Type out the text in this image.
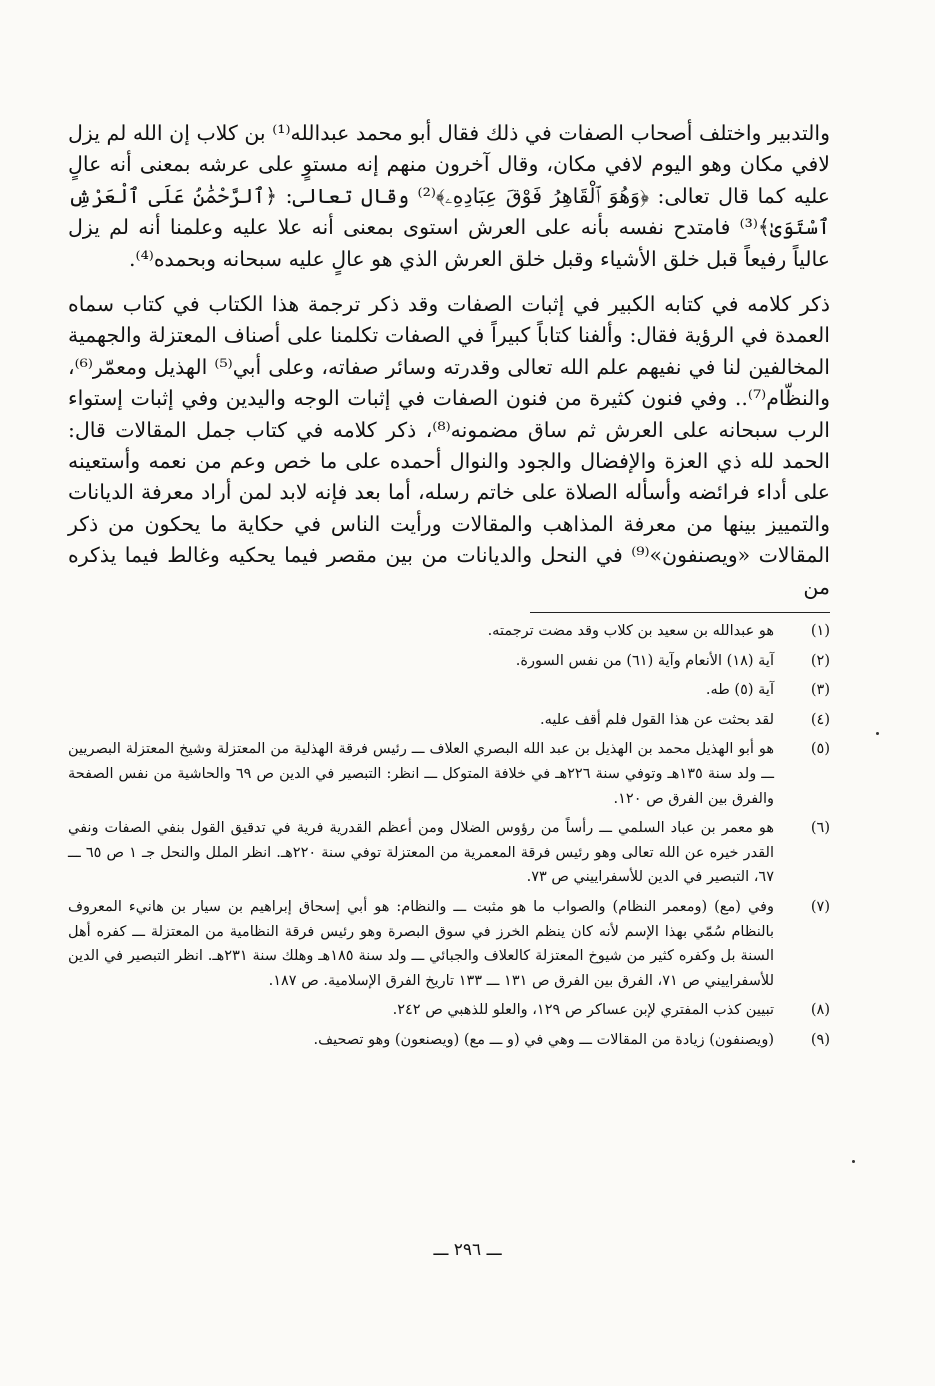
والتدبير واختلف أصحاب الصفات في ذلك فقال أبو محمد عبدالله⁽¹⁾ بن كلاب إن الله لم يزل لافي مكان وهو اليوم لافي مكان، وقال آخرون منهم إنه مستوٍ على عرشه بمعنى أنه عالٍ عليه كما قال تعالى: ﴿وَهُوَ ٱلْقَاهِرُ فَوْقَ عِبَادِهِۦ﴾⁽²⁾ وقال تعالى: ﴿ٱلرَّحْمَٰنُ عَلَى ٱلْعَرْشِ ٱسْتَوَىٰ﴾⁽³⁾ فامتدح نفسه بأنه على العرش استوى بمعنى أنه علا عليه وعلمنا أنه لم يزل عالياً رفيعاً قبل خلق الأشياء وقبل خلق العرش الذي هو عالٍ عليه سبحانه وبحمده⁽⁴⁾.

ذكر كلامه في كتابه الكبير في إثبات الصفات وقد ذكر ترجمة هذا الكتاب في كتاب سماه العمدة في الرؤية فقال: وألفنا كتاباً كبيراً في الصفات تكلمنا على أصناف المعتزلة والجهمية المخالفين لنا في نفيهم علم الله تعالى وقدرته وسائر صفاته، وعلى أبي⁽⁵⁾ الهذيل ومعمّر⁽⁶⁾، والنظّام⁽⁷⁾.. وفي فنون كثيرة من فنون الصفات في إثبات الوجه واليدين وفي إثبات إستواء الرب سبحانه على العرش ثم ساق مضمونه⁽⁸⁾، ذكر كلامه في كتاب جمل المقالات قال: الحمد لله ذي العزة والإفضال والجود والنوال أحمده على ما خص وعم من نعمه وأستعينه على أداء فرائضه وأسأله الصلاة على خاتم رسله، أما بعد فإنه لابد لمن أراد معرفة الديانات والتمييز بينها من معرفة المذاهب والمقالات ورأيت الناس في حكاية ما يحكون من ذكر المقالات «ويصنفون»⁽⁹⁾ في النحل والديانات من بين مقصر فيما يحكيه وغالط فيما يذكره من

(١)
هو عبدالله بن سعيد بن كلاب وقد مضت ترجمته.
(٢)
آية (١٨) الأنعام وآية (٦١) من نفس السورة.
(٣)
آية (٥) طه.
(٤)
لقد بحثت عن هذا القول فلم أقف عليه.
(٥)
هو أبو الهذيل محمد بن الهذيل بن عبد الله البصري العلاف ـــ رئيس فرقة الهذلية من المعتزلة وشيخ المعتزلة البصريين ـــ ولد سنة ١٣٥هـ وتوفي سنة ٢٢٦هـ في خلافة المتوكل ـــ انظر: التبصير في الدين ص ٦٩ والحاشية من نفس الصفحة والفرق بين الفرق ص ١٢٠.
(٦)
هو معمر بن عباد السلمي ـــ رأساً من رؤوس الضلال ومن أعظم القدرية فرية في تدقيق القول بنفي الصفات ونفي القدر خيره عن الله تعالى وهو رئيس فرقة المعمرية من المعتزلة توفي سنة ٢٢٠هـ. انظر الملل والنحل جـ ١ ص ٦٥ ـــ ٦٧، التبصير في الدين للأسفراييني ص ٧٣.
(٧)
وفي (مع) (ومعمر النظام) والصواب ما هو مثبت ـــ والنظام: هو أبي إسحاق إبراهيم بن سيار بن هانيء المعروف بالنظام سُمّي بهذا الإسم لأنه كان ينظم الخرز في سوق البصرة وهو رئيس فرقة النظامية من المعتزلة ـــ كفره أهل السنة بل وكفره كثير من شيوخ المعتزلة كالعلاف والجبائي ـــ ولد سنة ١٨٥هـ وهلك سنة ٢٣١هـ. انظر التبصير في الدين للأسفراييني ص ٧١، الفرق بين الفرق ص ١٣١ ـــ ١٣٣ تاريخ الفرق الإسلامية. ص ١٨٧.
(٨)
تبيين كذب المفتري لإبن عساكر ص ١٢٩، والعلو للذهبي ص ٢٤٢.
(٩)
(ويصنفون) زيادة من المقالات ـــ وهي في (و ـــ مع) (ويصنعون) وهو تصحيف.
ـــ ٢٩٦ ـــ
